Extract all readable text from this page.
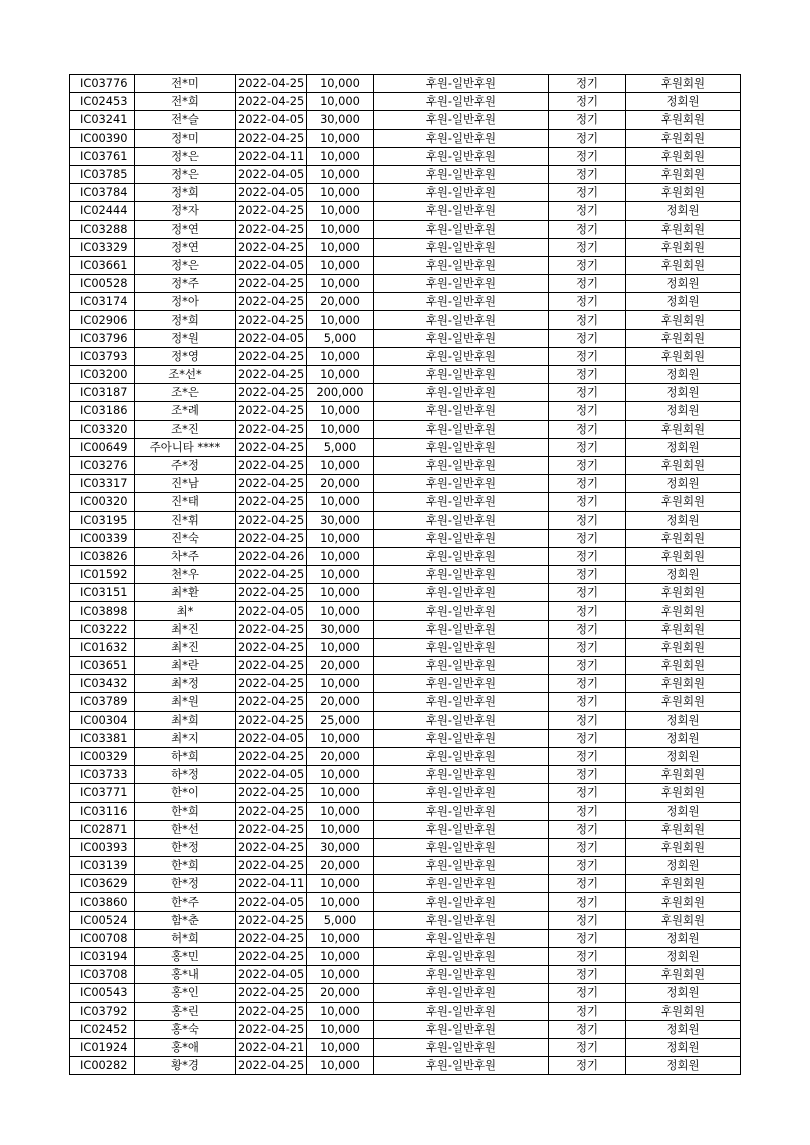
IC03776	전*미	2022-04-25	10,000	후원-일반후원	정기	후원회원
IC02453	전*희	2022-04-25	10,000	후원-일반후원	정기	정회원
IC03241	전*슬	2022-04-05	30,000	후원-일반후원	정기	후원회원
IC00390	정*미	2022-04-25	10,000	후원-일반후원	정기	후원회원
IC03761	정*은	2022-04-11	10,000	후원-일반후원	정기	후원회원
IC03785	정*은	2022-04-05	10,000	후원-일반후원	정기	후원회원
IC03784	정*희	2022-04-05	10,000	후원-일반후원	정기	후원회원
IC02444	정*자	2022-04-25	10,000	후원-일반후원	정기	정회원
IC03288	정*연	2022-04-25	10,000	후원-일반후원	정기	후원회원
IC03329	정*연	2022-04-25	10,000	후원-일반후원	정기	후원회원
IC03661	정*은	2022-04-05	10,000	후원-일반후원	정기	후원회원
IC00528	정*주	2022-04-25	10,000	후원-일반후원	정기	정회원
IC03174	정*아	2022-04-25	20,000	후원-일반후원	정기	정회원
IC02906	정*희	2022-04-25	10,000	후원-일반후원	정기	후원회원
IC03796	정*원	2022-04-05	5,000	후원-일반후원	정기	후원회원
IC03793	정*영	2022-04-25	10,000	후원-일반후원	정기	후원회원
IC03200	조*선*	2022-04-25	10,000	후원-일반후원	정기	정회원
IC03187	조*은	2022-04-25	200,000	후원-일반후원	정기	정회원
IC03186	조*례	2022-04-25	10,000	후원-일반후원	정기	정회원
IC03320	조*진	2022-04-25	10,000	후원-일반후원	정기	후원회원
IC00649	주아니타 ****	2022-04-25	5,000	후원-일반후원	정기	정회원
IC03276	주*정	2022-04-25	10,000	후원-일반후원	정기	후원회원
IC03317	진*남	2022-04-25	20,000	후원-일반후원	정기	정회원
IC00320	진*태	2022-04-25	10,000	후원-일반후원	정기	후원회원
IC03195	진*휘	2022-04-25	30,000	후원-일반후원	정기	정회원
IC00339	진*숙	2022-04-25	10,000	후원-일반후원	정기	후원회원
IC03826	차*주	2022-04-26	10,000	후원-일반후원	정기	후원회원
IC01592	천*우	2022-04-25	10,000	후원-일반후원	정기	정회원
IC03151	최*환	2022-04-25	10,000	후원-일반후원	정기	후원회원
IC03898	최*	2022-04-05	10,000	후원-일반후원	정기	후원회원
IC03222	최*진	2022-04-25	30,000	후원-일반후원	정기	후원회원
IC01632	최*진	2022-04-25	10,000	후원-일반후원	정기	후원회원
IC03651	최*란	2022-04-25	20,000	후원-일반후원	정기	후원회원
IC03432	최*정	2022-04-25	10,000	후원-일반후원	정기	후원회원
IC03789	최*원	2022-04-25	20,000	후원-일반후원	정기	후원회원
IC00304	최*희	2022-04-25	25,000	후원-일반후원	정기	정회원
IC03381	최*지	2022-04-05	10,000	후원-일반후원	정기	정회원
IC00329	하*희	2022-04-25	20,000	후원-일반후원	정기	정회원
IC03733	하*정	2022-04-05	10,000	후원-일반후원	정기	후원회원
IC03771	한*이	2022-04-25	10,000	후원-일반후원	정기	후원회원
IC03116	한*희	2022-04-25	10,000	후원-일반후원	정기	정회원
IC02871	한*선	2022-04-25	10,000	후원-일반후원	정기	후원회원
IC00393	한*정	2022-04-25	30,000	후원-일반후원	정기	후원회원
IC03139	한*희	2022-04-25	20,000	후원-일반후원	정기	정회원
IC03629	한*정	2022-04-11	10,000	후원-일반후원	정기	후원회원
IC03860	한*주	2022-04-05	10,000	후원-일반후원	정기	후원회원
IC00524	함*춘	2022-04-25	5,000	후원-일반후원	정기	후원회원
IC00708	허*희	2022-04-25	10,000	후원-일반후원	정기	정회원
IC03194	홍*민	2022-04-25	10,000	후원-일반후원	정기	정회원
IC03708	홍*내	2022-04-05	10,000	후원-일반후원	정기	후원회원
IC00543	홍*인	2022-04-25	20,000	후원-일반후원	정기	정회원
IC03792	홍*린	2022-04-25	10,000	후원-일반후원	정기	후원회원
IC02452	홍*숙	2022-04-25	10,000	후원-일반후원	정기	정회원
IC01924	홍*애	2022-04-21	10,000	후원-일반후원	정기	정회원
IC00282	황*경	2022-04-25	10,000	후원-일반후원	정기	정회원
